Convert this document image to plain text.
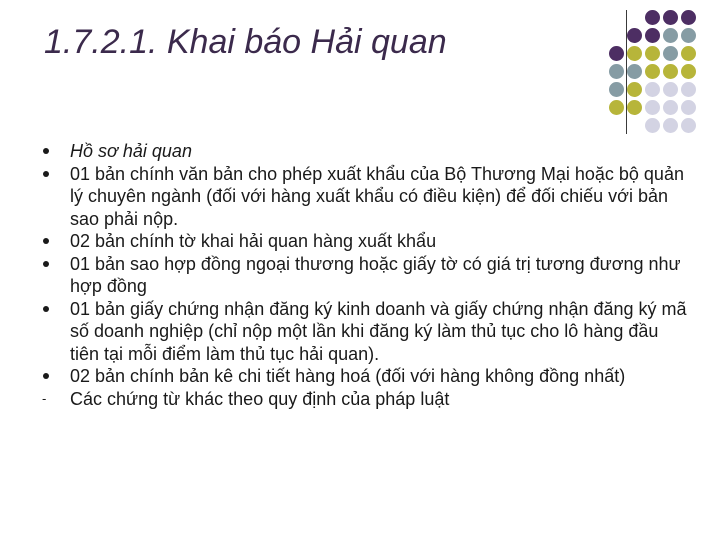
1.7.2.1. Khai báo Hải quan
Hồ sơ hải quan
01 bản chính văn bản cho phép xuất khẩu của Bộ Thương Mại hoặc bộ quản lý chuyên ngành (đối với hàng xuất khẩu có điều kiện) để đối chiếu với bản sao phải nộp.
02 bản chính tờ khai hải quan hàng xuất khẩu
01 bản sao hợp đồng ngoại thương hoặc giấy tờ có giá trị tương đương như hợp đồng
01 bản giấy chứng nhận đăng ký kinh doanh và giấy chứng nhận đăng ký mã số doanh nghiệp (chỉ nộp một lần khi đăng ký làm thủ tục cho lô hàng đầu tiên tại mỗi điểm làm thủ tục hải quan).
02 bản chính bản kê chi tiết hàng hoá (đối với hàng không đồng nhất)
- Các chứng từ khác theo quy định của pháp luật
